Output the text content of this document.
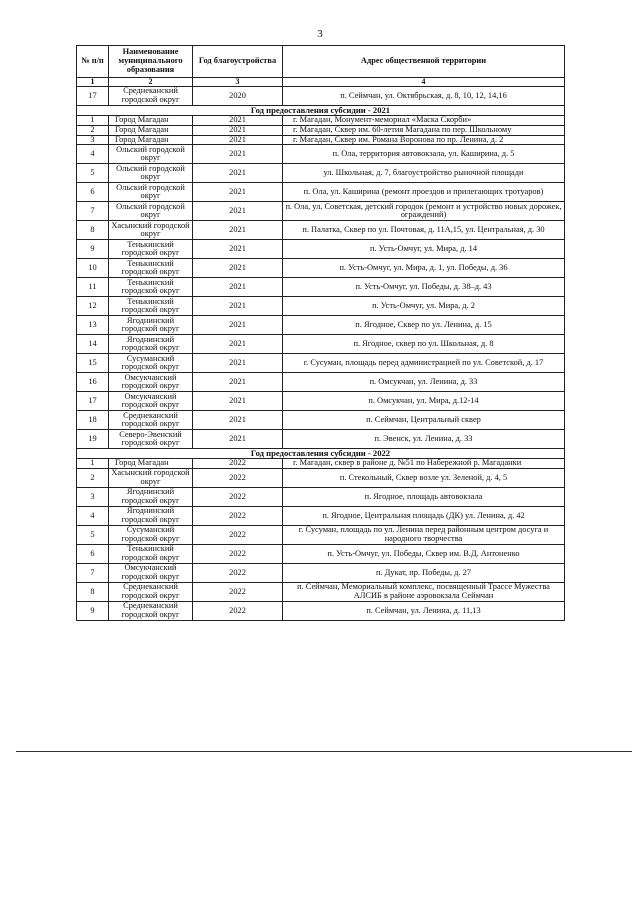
3
№ п/п	Наименование муниципального образования	Год благоустройства	Адрес общественной территории
1	2	3	4
17	Среднеканский городской округ	2020	п. Сеймчан, ул. Октябрьская, д. 8, 10, 12, 14,16
Год предоставления субсидии - 2021			
1	Город Магадан	2021	г. Магадан, Монумент-мемориал «Маска Скорби»
2	Город Магадан	2021	г. Магадан, Сквер им. 60-летия Магадана по пер. Школьному
3	Город Магадан	2021	г. Магадан, Сквер им. Романа Воронова по пр. Ленина, д. 2
4	Ольский городской округ	2021	п. Ола, территория автовокзала, ул. Каширина, д. 5
5	Ольский городской округ	2021	ул. Школьная, д. 7, благоустройство рыночной площади
6	Ольский городской округ	2021	п. Ола, ул. Каширина (ремонт проездов и прилегающих тротуаров)
7	Ольский городской округ	2021	п. Ола, ул. Советская, детский городок (ремонт и устройство новых дорожек, ограждений)
8	Хасынский городской округ	2021	п. Палатка, Сквер по ул. Почтовая, д. 11А,15, ул. Центральная, д. 30
9	Тенькинский городской округ	2021	п. Усть-Омчуг, ул. Мира, д. 14
10	Тенькинский городской округ	2021	п. Усть-Омчуг, ул. Мира, д. 1, ул. Победы, д. 36
11	Тенькинский городской округ	2021	п. Усть-Омчуг, ул. Победы, д. 38–д. 43
12	Тенькинский городской округ	2021	п. Усть-Омчуг, ул. Мира, д. 2
13	Ягоднинский городской округ	2021	п. Ягодное, Сквер по ул. Ленина, д. 15
14	Ягоднинский городской округ	2021	п. Ягодное, сквер по ул. Школьная, д. 8
15	Сусуманский городской округ	2021	г. Сусуман, площадь перед администрацией по ул. Советской, д. 17
16	Омсукчанский городской округ	2021	п. Омсукчан, ул. Ленина, д. 33
17	Омсукчанский городской округ	2021	п. Омсукчан, ул. Мира, д.12-14
18	Среднеканский городской округ	2021	п. Сеймчан, Центральный сквер
19	Северо-Эвенский городской округ	2021	п. Эвенск, ул. Ленина, д. 33
Год предоставления субсидии - 2022			
1	Город Магадан	2022	г. Магадан, сквер в районе д. №51 по Набережной р. Магаданки
2	Хасынский городской округ	2022	п. Стекольный, Сквер возле ул. Зеленой, д. 4, 5
3	Ягоднинский городской округ	2022	п. Ягодное, площадь автовокзала
4	Ягоднинский городской округ	2022	п. Ягодное, Центральная площадь (ДК) ул. Ленина, д. 42
5	Сусуманский городской округ	2022	г. Сусуман, площадь по ул. Ленина перед районным центром досуга и народного творчества
6	Тенькинский городской округ	2022	п. Усть-Омчуг, ул. Победы, Сквер им. В.Д. Антоненко
7	Омсукчанский городской округ	2022	п. Дукат, пр. Победы, д. 27
8	Среднеканский городской округ	2022	п. Сеймчан, Мемориальный комплекс, посвященный Трассе Мужества АЛСИБ в районе аэровокзала Сеймчан
9	Среднеканский городской округ	2022	п. Сеймчан, ул. Ленина, д. 11,13
